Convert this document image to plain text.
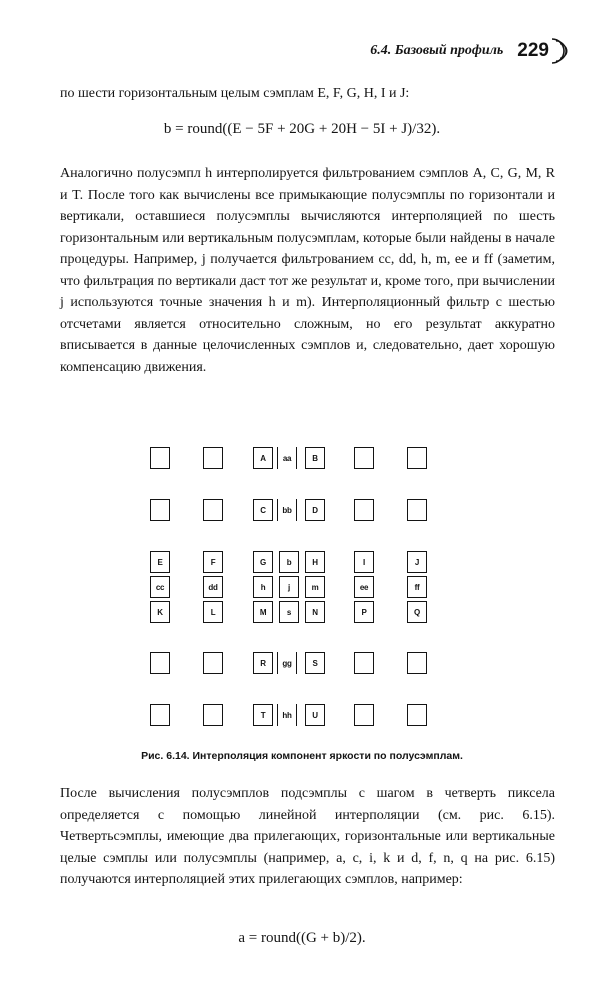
6.4. Базовый профиль 229

по шести горизонтальным целым сэмплам E, F, G, H, I и J:

b = round((E − 5F + 20G + 20H − 5I + J)/32).

Аналогично полусэмпл h интерполируется фильтрованием сэмплов A, C, G, M, R и T. После того как вычислены все примыкающие полусэмплы по горизонтали и вертикали, оставшиеся полусэмплы вычисляются интерполяцией по шесть горизонтальным или вертикальным полусэмплам, которые были найдены в начале процедуры. Например, j получается фильтрованием cc, dd, h, m, ee и ff (заметим, что фильтрация по вертикали даст тот же результат и, кроме того, при вычислении j используются точные значения h и m). Интерполяционный фильтр с шестью отсчетами является относительно сложным, но его результат аккуратно вписывается в данные целочисленных сэмплов и, следовательно, дает хорошую компенсацию движения.

A	aa	B
C	bb	D
E	F	G	b	H	I	J
cc	dd	h	j	m	ee	ff
K	L	M	s	N	P	Q
R	gg	S
T	hh	U
Рис. 6.14. Интерполяция компонент яркости по полусэмплам.

После вычисления полусэмплов подсэмплы с шагом в четверть пиксела определяется с помощью линейной интерполяции (см. рис. 6.15). Четвертьсэмплы, имеющие два прилегающих, горизонтальные или вертикальные целые сэмплы или полусэмплы (например, a, c, i, k и d, f, n, q на рис. 6.15) получаются интерполяцией этих прилегающих сэмплов, например:

a = round((G + b)/2).
